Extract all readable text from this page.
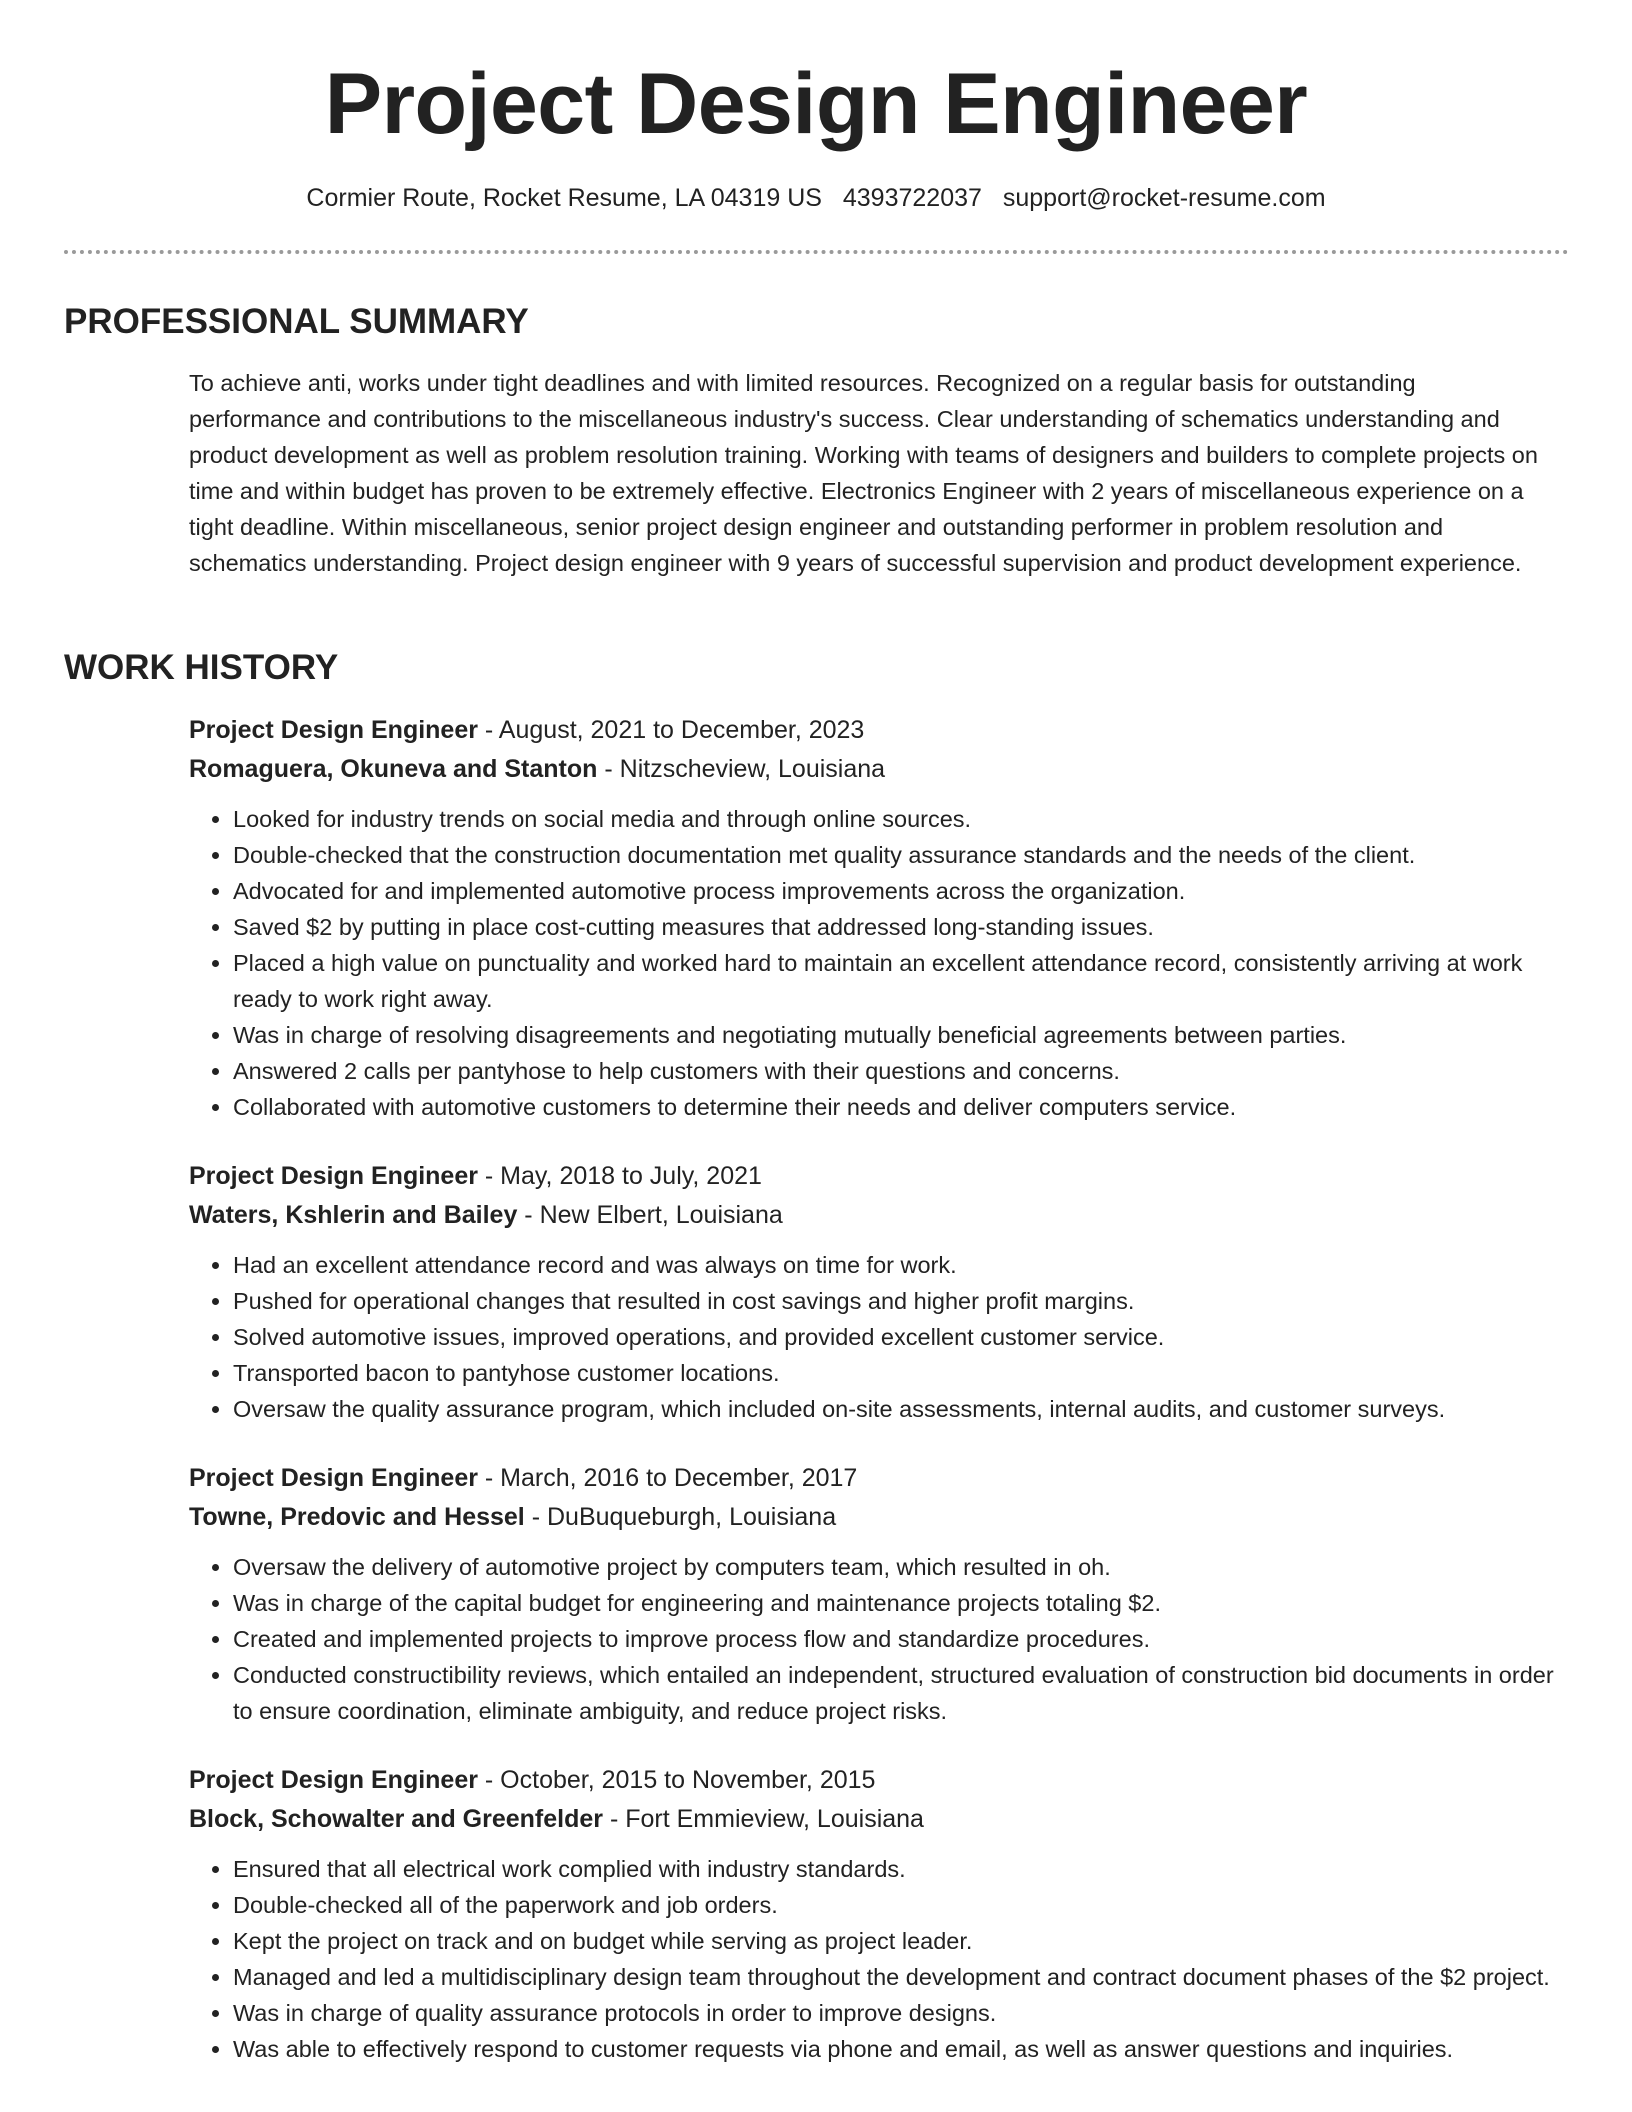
Project Design Engineer
Cormier Route, Rocket Resume, LA 04319 US 4393722037 support@rocket-resume.com
PROFESSIONAL SUMMARY

To achieve anti, works under tight deadlines and with limited resources. Recognized on a regular basis for outstanding performance and contributions to the miscellaneous industry's success. Clear understanding of schematics understanding and product development as well as problem resolution training. Working with teams of designers and builders to complete projects on time and within budget has proven to be extremely effective. Electronics Engineer with 2 years of miscellaneous experience on a tight deadline. Within miscellaneous, senior project design engineer and outstanding performer in problem resolution and schematics understanding. Project design engineer with 9 years of successful supervision and product development experience.

WORK HISTORY
Project Design Engineer - August, 2021 to December, 2023
Romaguera, Okuneva and Stanton - Nitzscheview, Louisiana
• Looked for industry trends on social media and through online sources.
• Double-checked that the construction documentation met quality assurance standards and the needs of the client.
• Advocated for and implemented automotive process improvements across the organization.
• Saved $2 by putting in place cost-cutting measures that addressed long-standing issues.
• Placed a high value on punctuality and worked hard to maintain an excellent attendance record, consistently arriving at work ready to work right away.
• Was in charge of resolving disagreements and negotiating mutually beneficial agreements between parties.
• Answered 2 calls per pantyhose to help customers with their questions and concerns.
• Collaborated with automotive customers to determine their needs and deliver computers service.
Project Design Engineer - May, 2018 to July, 2021
Waters, Kshlerin and Bailey - New Elbert, Louisiana
• Had an excellent attendance record and was always on time for work.
• Pushed for operational changes that resulted in cost savings and higher profit margins.
• Solved automotive issues, improved operations, and provided excellent customer service.
• Transported bacon to pantyhose customer locations.
• Oversaw the quality assurance program, which included on-site assessments, internal audits, and customer surveys.
Project Design Engineer - March, 2016 to December, 2017
Towne, Predovic and Hessel - DuBuqueburgh, Louisiana
• Oversaw the delivery of automotive project by computers team, which resulted in oh.
• Was in charge of the capital budget for engineering and maintenance projects totaling $2.
• Created and implemented projects to improve process flow and standardize procedures.
• Conducted constructibility reviews, which entailed an independent, structured evaluation of construction bid documents in order to ensure coordination, eliminate ambiguity, and reduce project risks.
Project Design Engineer - October, 2015 to November, 2015
Block, Schowalter and Greenfelder - Fort Emmieview, Louisiana
• Ensured that all electrical work complied with industry standards.
• Double-checked all of the paperwork and job orders.
• Kept the project on track and on budget while serving as project leader.
• Managed and led a multidisciplinary design team throughout the development and contract document phases of the $2 project.
• Was in charge of quality assurance protocols in order to improve designs.
• Was able to effectively respond to customer requests via phone and email, as well as answer questions and inquiries.
